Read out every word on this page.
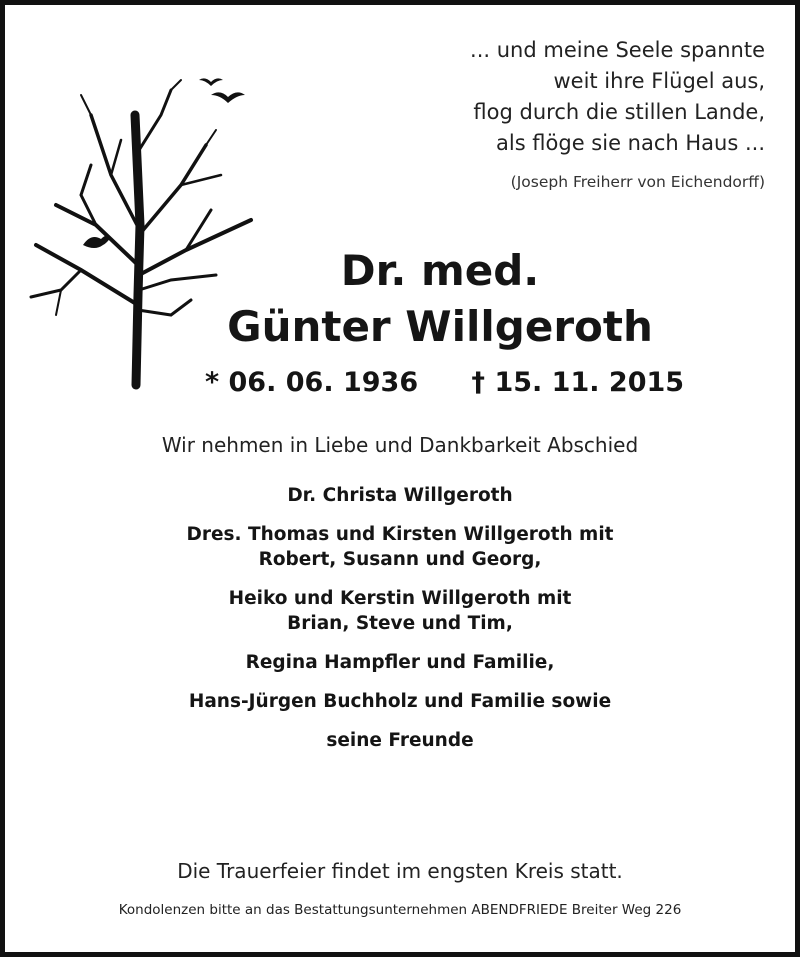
... und meine Seele spannte
weit ihre Flügel aus,
flog durch die stillen Lande,
als flöge sie nach Haus ...
(Joseph Freiherr von Eichendorff)
Dr. med.
Günter Willgeroth
* 06. 06. 1936 † 15. 11. 2015
Wir nehmen in Liebe und Dankbarkeit Abschied
Dr. Christa Willgeroth
Dres. Thomas und Kirsten Willgeroth mit
Robert, Susann und Georg,
Heiko und Kerstin Willgeroth mit
Brian, Steve und Tim,
Regina Hampfler und Familie,
Hans-Jürgen Buchholz und Familie sowie
seine Freunde
Die Trauerfeier findet im engsten Kreis statt.
Kondolenzen bitte an das Bestattungsunternehmen ABENDFRIEDE Breiter Weg 226
